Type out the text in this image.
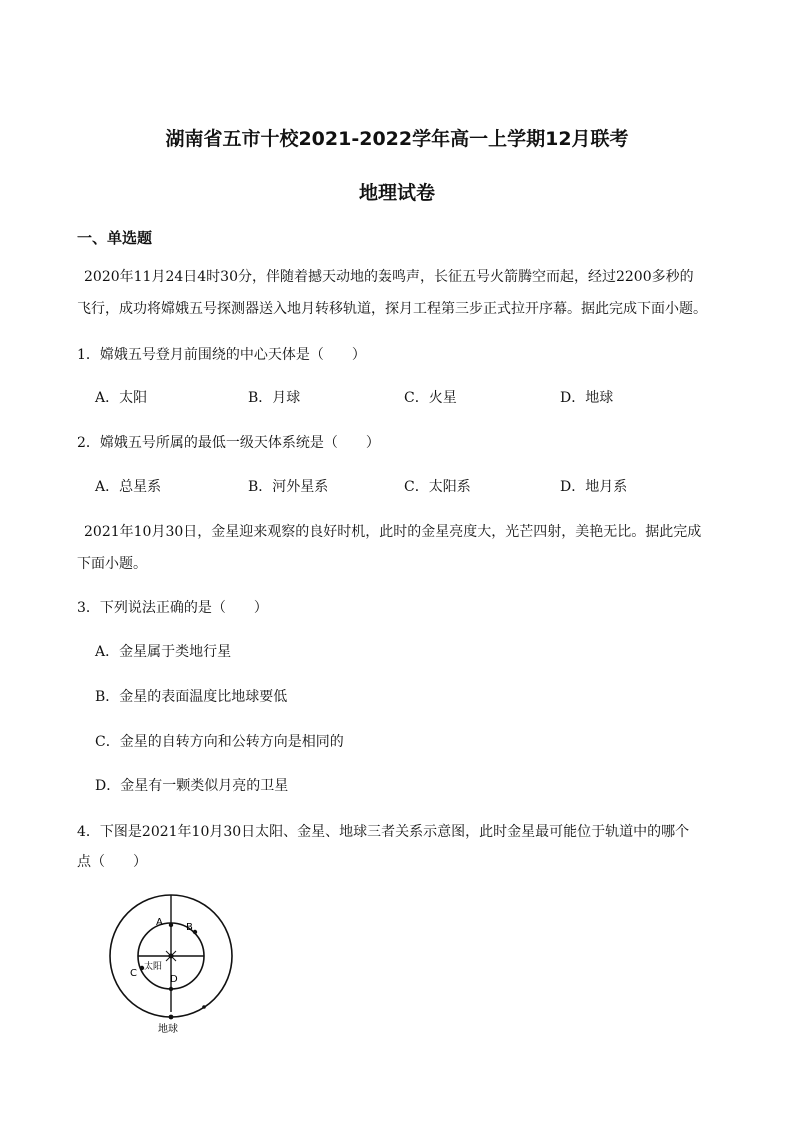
湖南省五市十校2021-2022学年高一上学期12月联考
地理试卷
一、单选题
2020年11月24日4时30分，伴随着撼天动地的轰鸣声，长征五号火箭腾空而起，经过2200多秒的
飞行，成功将嫦娥五号探测器送入地月转移轨道，探月工程第三步正式拉开序幕。据此完成下面小题。
1．嫦娥五号登月前围绕的中心天体是（　　）
A．太阳	B．月球	C．火星	D．地球
2．嫦娥五号所属的最低一级天体系统是（　　）
A．总星系	B．河外星系	C．太阳系	D．地月系
2021年10月30日，金星迎来观察的良好时机，此时的金星亮度大，光芒四射，美艳无比。据此完成
下面小题。
3．下列说法正确的是（　　）
A．金星属于类地行星
B．金星的表面温度比地球要低
C．金星的自转方向和公转方向是相同的
D．金星有一颗类似月亮的卫星
4．下图是2021年10月30日太阳、金星、地球三者关系示意图，此时金星最可能位于轨道中的哪个
点（　　）
A B
C
D
太阳
地球
